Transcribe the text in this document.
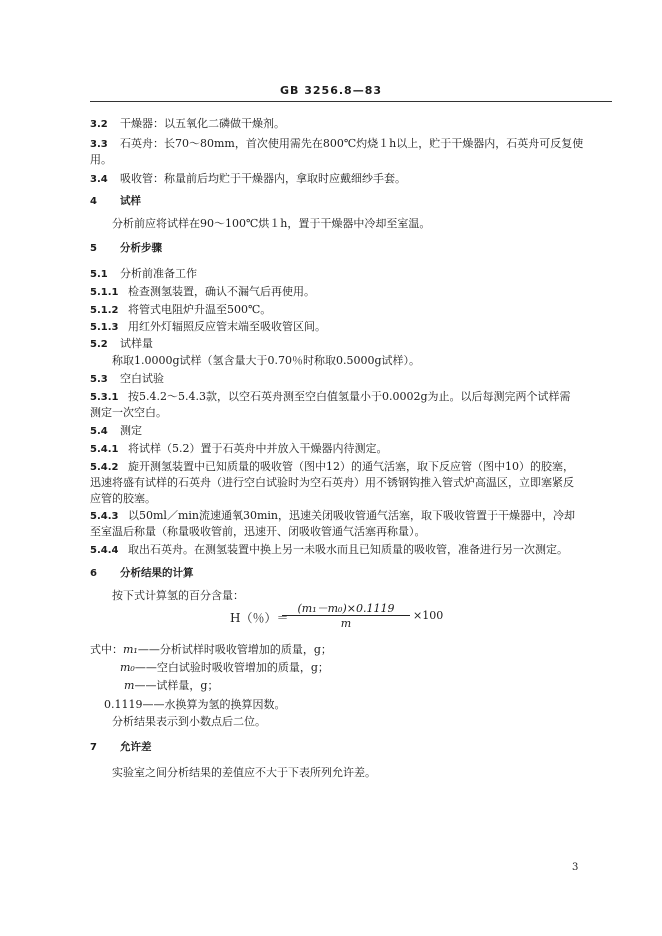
GB 3256.8—83
3.2 干燥器：以五氧化二磷做干燥剂。
3.3 石英舟：长70～80mm，首次使用需先在800℃灼烧１h以上，贮于干燥器内，石英舟可反复使
用。
3.4 吸收管：称量前后均贮于干燥器内，拿取时应戴细纱手套。
4 试样
分析前应将试样在90～100℃烘１h，置于干燥器中冷却至室温。
5 分析步骤
5.1 分析前准备工作
5.1.1 检查测氢装置，确认不漏气后再使用。
5.1.2 将管式电阻炉升温至500℃。
5.1.3 用红外灯辐照反应管末端至吸收管区间。
5.2 试样量
称取1.0000g试样（氢含量大于0.70％时称取0.5000g试样）。
5.3 空白试验
5.3.1 按5.4.2～5.4.3款，以空石英舟测至空白值氢量小于0.0002g为止。以后每测完两个试样需
测定一次空白。
5.4 测定
5.4.1 将试样（5.2）置于石英舟中并放入干燥器内待测定。
5.4.2 旋开测氢装置中已知质量的吸收管（图中12）的通气活塞，取下反应管（图中10）的胶塞，
迅速将盛有试样的石英舟（进行空白试验时为空石英舟）用不锈钢钩推入管式炉高温区，立即塞紧反
应管的胶塞。
5.4.3 以50ml／min流速通氧30min，迅速关闭吸收管通气活塞，取下吸收管置于干燥器中，冷却
至室温后称量（称量吸收管前，迅速开、闭吸收管通气活塞再称量）。
5.4.4 取出石英舟。在测氢装置中换上另一未吸水而且已知质量的吸收管，准备进行另一次测定。
6 分析结果的计算
按下式计算氢的百分含量：
H（％）＝
(m₁－m₀)×0.1119
m
×100
式中：m₁——分析试样时吸收管增加的质量，g；
m₀——空白试验时吸收管增加的质量，g；
m——试样量，g；
0.1119——水换算为氢的换算因数。
分析结果表示到小数点后二位。
7 允许差
实验室之间分析结果的差值应不大于下表所列允许差。
3
